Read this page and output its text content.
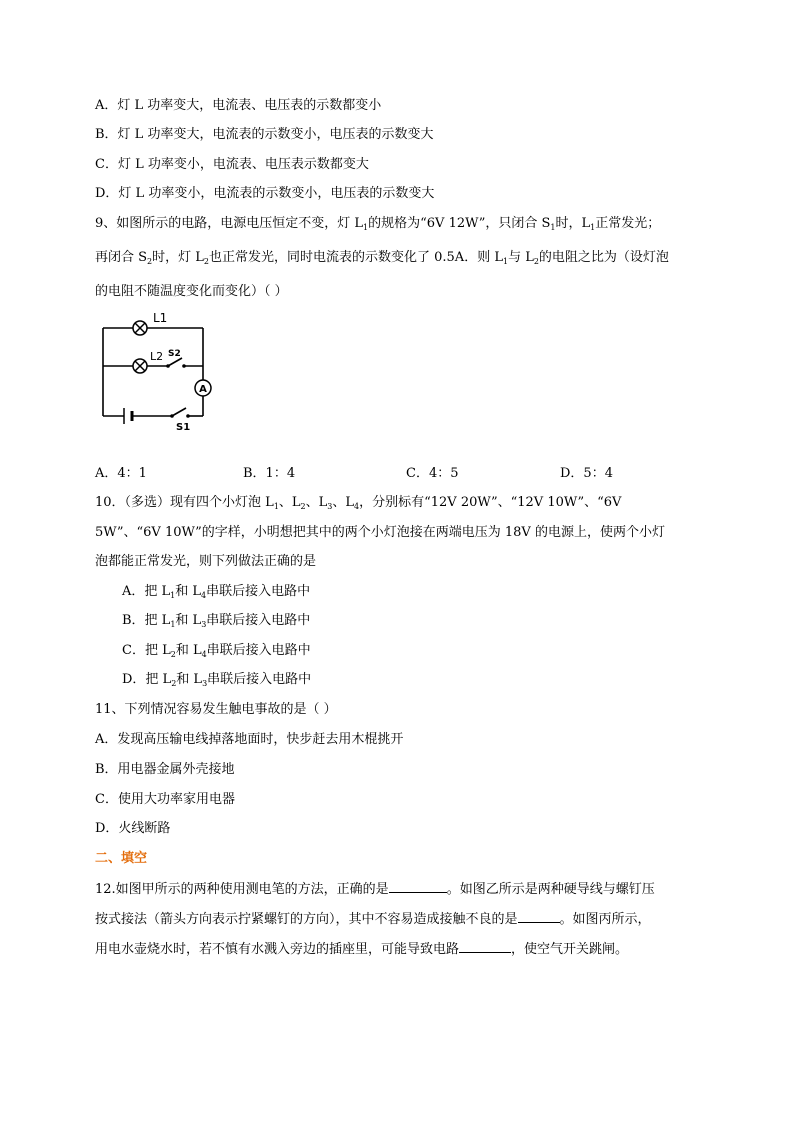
A．灯 L 功率变大，电流表、电压表的示数都变小
B．灯 L 功率变大，电流表的示数变小，电压表的示数变大
C．灯 L 功率变小，电流表、电压表示数都变大
D．灯 L 功率变小，电流表的示数变小，电压表的示数变大
9、如图所示的电路，电源电压恒定不变，灯 $L_1$的规格为“6V 12W”，只闭合 $S_1$时，$L_1$正常发光；
再闭合 $S_2$时，灯 $L_2$也正常发光，同时电流表的示数变化了 0.5A．则 $L_1$与 $L_2$的电阻之比为（设灯泡
的电阻不随温度变化而变化）（ ）
A
L1
L2 S2
S1
A．4：1	B．1：4	C．4：5	D．5：4
10．（多选）现有四个小灯泡 $L_1$、$L_2$、$L_3$、$L_4$，分别标有“12V 20W”、“12V 10W”、“6V
5W”、“6V 10W”的字样，小明想把其中的两个小灯泡接在两端电压为 18V 的电源上，使两个小灯
泡都能正常发光，则下列做法正确的是
A．把 $L_1$和 $L_4$串联后接入电路中
B．把 $L_1$和 $L_3$串联后接入电路中
C．把 $L_2$和 $L_4$串联后接入电路中
D．把 $L_2$和 $L_3$串联后接入电路中
11、下列情况容易发生触电事故的是（ ）
A．发现高压输电线掉落地面时，快步赶去用木棍挑开
B．用电器金属外壳接地
C．使用大功率家用电器
D．火线断路
二、填空
12.如图甲所示的两种使用测电笔的方法，正确的是	。如图乙所示是两种硬导线与螺钉压
按式接法（箭头方向表示拧紧螺钉的方向），其中不容易造成接触不良的是	。如图丙所示，
用电水壶烧水时，若不慎有水溅入旁边的插座里，可能导致电路	，使空气开关跳闸。
